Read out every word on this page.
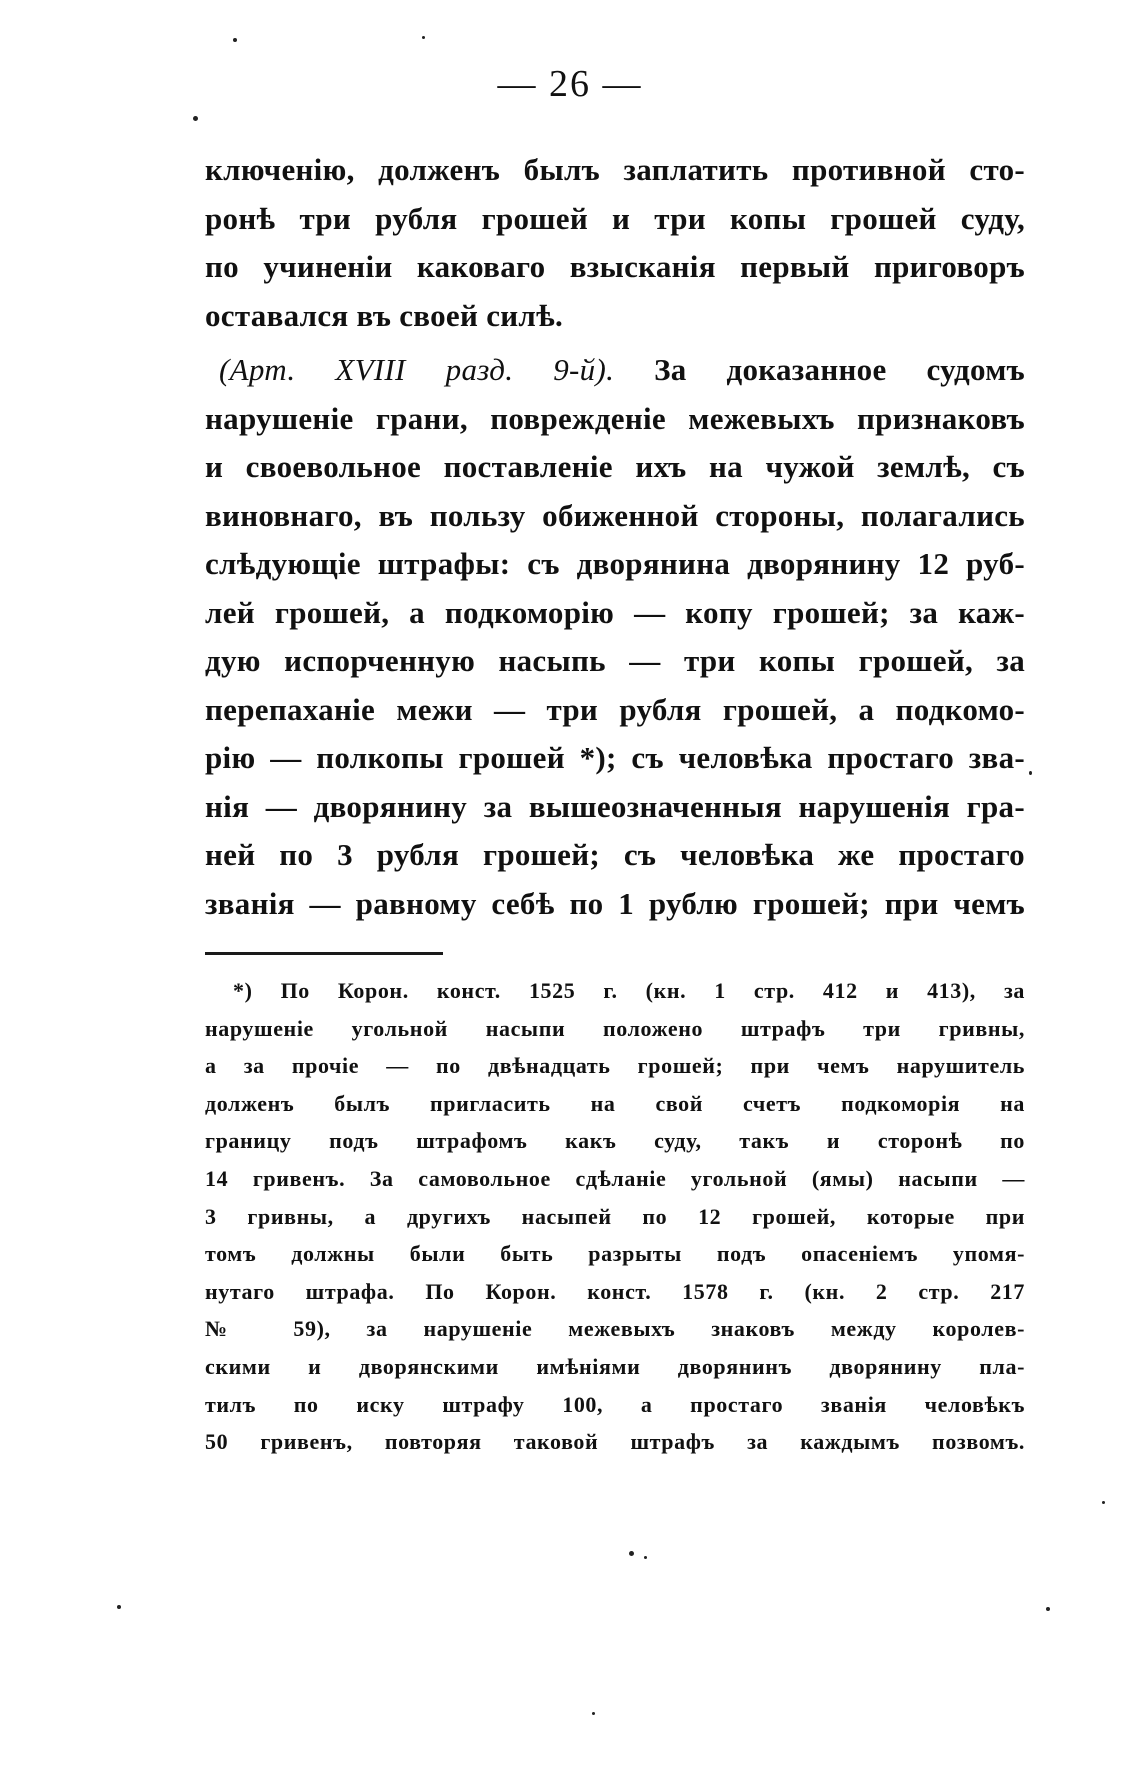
— 26 —
ключенію, долженъ былъ заплатить противной сто-
ронѣ три рубля грошей и три копы грошей суду,
по учиненіи каковаго взысканія первый приговоръ
оставался въ своей силѣ.
(Арт. XVIII разд. 9-й). За доказанное судомъ
нарушеніе грани, поврежденіе межевыхъ признаковъ
и своевольное поставленіе ихъ на чужой землѣ, съ
виновнаго, въ пользу обиженной стороны, полагались
слѣдующіе штрафы: съ дворянина дворянину 12 руб-
лей грошей, а подкоморію — копу грошей; за каж-
дую испорченную насыпь — три копы грошей, за
перепаханіе межи — три рубля грошей, а подкомо-
рію — полкопы грошей *); съ человѣка простаго зва-
нія — дворянину за вышеозначенныя нарушенія гра-
ней по 3 рубля грошей; съ человѣка же простаго
званія — равному себѣ по 1 рублю грошей; при чемъ
*) По Корон. конст. 1525 г. (кн. 1 стр. 412 и 413), за
нарушеніе угольной насыпи положено штрафъ три гривны,
а за прочіе — по двѣнадцать грошей; при чемъ нарушитель
долженъ былъ пригласить на свой счетъ подкоморія на
границу подъ штрафомъ какъ суду, такъ и сторонѣ по
14 гривенъ. За самовольное сдѣланіе угольной (ямы) насыпи —
3 гривны, а другихъ насыпей по 12 грошей, которые при
томъ должны были быть разрыты подъ опасеніемъ упомя-
нутаго штрафа. По Корон. конст. 1578 г. (кн. 2 стр. 217
№ 59), за нарушеніе межевыхъ знаковъ между королев-
скими и дворянскими имѣніями дворянинъ дворянину пла-
тилъ по иску штрафу 100, а простаго званія человѣкъ
50 гривенъ, повторяя таковой штрафъ за каждымъ позвомъ.
